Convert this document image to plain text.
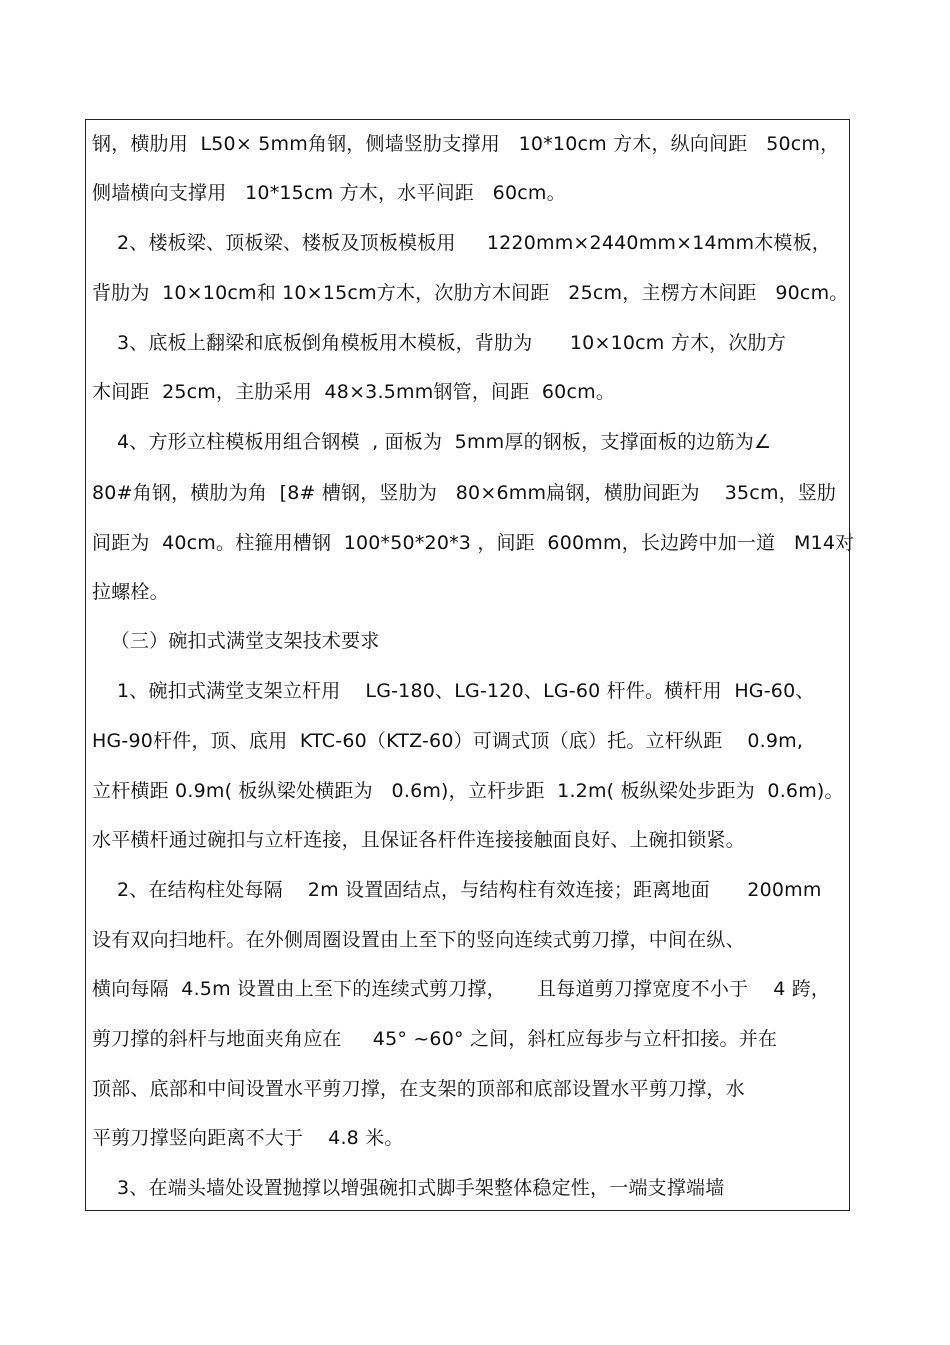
钢，横肋用  L50× 5mm角钢，侧墙竖肋支撑用   10*10cm 方木，纵向间距   50cm，
侧墙横向支撑用   10*15cm 方木，水平间距   60cm。
2、楼板梁、顶板梁、楼板及顶板模板用     1220mm×2440mm×14mm木模板，
背肋为  10×10cm和 10×15cm方木，次肋方木间距   25cm，主楞方木间距   90cm。
3、底板上翻梁和底板倒角模板用木模板，背肋为      10×10cm 方木，次肋方
木间距  25cm，主肋采用  48×3.5mm钢管，间距  60cm。
4、方形立柱模板用组合钢模  , 面板为  5mm厚的钢板，支撑面板的边筋为∠
80#角钢，横肋为角  [8# 槽钢，竖肋为   80×6mm扁钢，横肋间距为    35cm，竖肋
间距为  40cm。柱箍用槽钢  100*50*20*3 ，间距  600mm，长边跨中加一道   M14对
拉螺栓。
（三）碗扣式满堂支架技术要求
1、碗扣式满堂支架立杆用    LG-180、LG-120、LG-60 杆件。横杆用  HG-60、
HG-90杆件，顶、底用  KTC-60（KTZ-60）可调式顶（底）托。立杆纵距    0.9m,
立杆横距 0.9m( 板纵梁处横距为   0.6m)，立杆步距  1.2m( 板纵梁处步距为  0.6m)。
水平横杆通过碗扣与立杆连接，且保证各杆件连接接触面良好、上碗扣锁紧。
2、在结构柱处每隔    2m 设置固结点，与结构柱有效连接；距离地面      200mm
设有双向扫地杆。在外侧周圈设置由上至下的竖向连续式剪刀撑，中间在纵、
横向每隔  4.5m 设置由上至下的连续式剪刀撑，     且每道剪刀撑宽度不小于    4 跨，
剪刀撑的斜杆与地面夹角应在     45° ~60° 之间，斜杠应每步与立杆扣接。并在
顶部、底部和中间设置水平剪刀撑，在支架的顶部和底部设置水平剪刀撑，水
平剪刀撑竖向距离不大于    4.8 米。
3、在端头墙处设置抛撑以增强碗扣式脚手架整体稳定性，一端支撑端墙
